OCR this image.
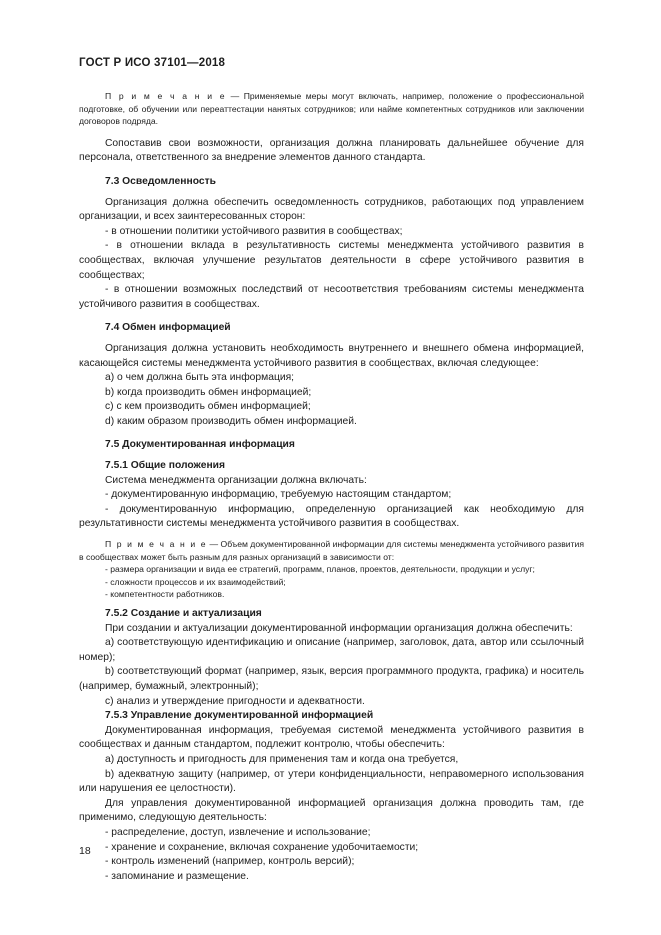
ГОСТ Р ИСО 37101—2018

П р и м е ч а н и е — Применяемые меры могут включать, например, положение о профессиональной подготовке, об обучении или переаттестации нанятых сотрудников; или найме компетентных сотрудников или заключении договоров подряда.

Сопоставив свои возможности, организация должна планировать дальнейшее обучение для персонала, ответственного за внедрение элементов данного стандарта.

7.3 Осведомленность

Организация должна обеспечить осведомленность сотрудников, работающих под управлением организации, и всех заинтересованных сторон:

- в отношении политики устойчивого развития в сообществах;

- в отношении вклада в результативность системы менеджмента устойчивого развития в сообществах, включая улучшение результатов деятельности в сфере устойчивого развития в сообществах;

- в отношении возможных последствий от несоответствия требованиям системы менеджмента устойчивого развития в сообществах.

7.4 Обмен информацией

Организация должна установить необходимость внутреннего и внешнего обмена информацией, касающейся системы менеджмента устойчивого развития в сообществах, включая следующее:

a) о чем должна быть эта информация;

b) когда производить обмен информацией;

c) с кем производить обмен информацией;

d) каким образом производить обмен информацией.

7.5 Документированная информация

7.5.1 Общие положения

Система менеджмента организации должна включать:

- документированную информацию, требуемую настоящим стандартом;

- документированную информацию, определенную организацией как необходимую для результативности системы менеджмента устойчивого развития в сообществах.

П р и м е ч а н и е — Объем документированной информации для системы менеджмента устойчивого развития в сообществах может быть разным для разных организаций в зависимости от:

- размера организации и вида ее стратегий, программ, планов, проектов, деятельности, продукции и услуг;

- сложности процессов и их взаимодействий;

- компетентности работников.

7.5.2 Создание и актуализация

При создании и актуализации документированной информации организация должна обеспечить:

a) соответствующую идентификацию и описание (например, заголовок, дата, автор или ссылочный номер);

b) соответствующий формат (например, язык, версия программного продукта, графика) и носитель (например, бумажный, электронный);

c) анализ и утверждение пригодности и адекватности.

7.5.3 Управление документированной информацией

Документированная информация, требуемая системой менеджмента устойчивого развития в сообществах и данным стандартом, подлежит контролю, чтобы обеспечить:

a) доступность и пригодность для применения там и когда она требуется,

b) адекватную защиту (например, от утери конфиденциальности, неправомерного использования или нарушения ее целостности).

Для управления документированной информацией организация должна проводить там, где применимо, следующую деятельность:

- распределение, доступ, извлечение и использование;

- хранение и сохранение, включая сохранение удобочитаемости;

- контроль изменений (например, контроль версий);

- запоминание и размещение.

18
